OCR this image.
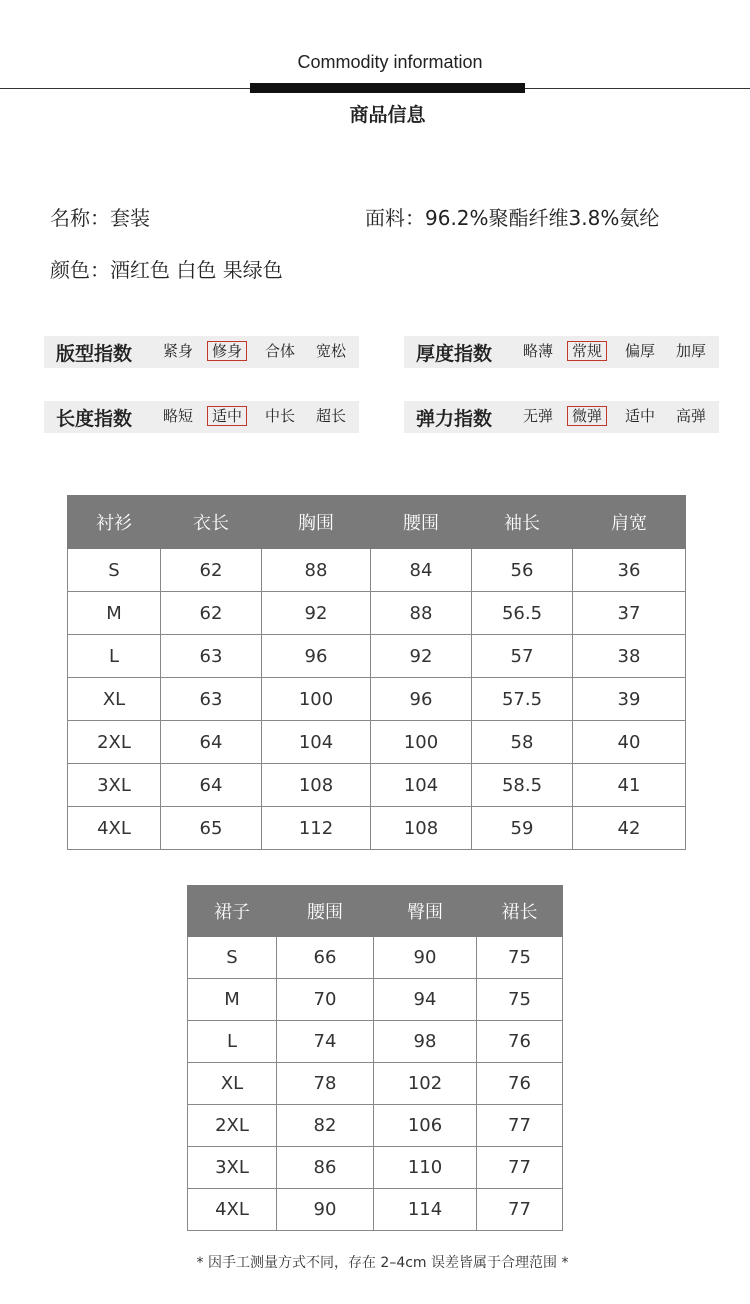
Commodity information
商品信息
名称：套装	面料：96.2%聚酯纤维3.8%氨纶
颜色：酒红色 白色 果绿色
版型指数	紧身	修身	合体	宽松	厚度指数	略薄	常规	偏厚	加厚
长度指数	略短	适中	中长	超长	弹力指数	无弹	微弹	适中	高弹
衬衫	衣长	胸围	腰围	袖长	肩宽
S	62	88	84	56	36
M	62	92	88	56.5	37
L	63	96	92	57	38
XL	63	100	96	57.5	39
2XL	64	104	100	58	40
3XL	64	108	104	58.5	41
4XL	65	112	108	59	42
裙子	腰围	臀围	裙长
S	66	90	75
M	70	94	75
L	74	98	76
XL	78	102	76
2XL	82	106	77
3XL	86	110	77
4XL	90	114	77
* 因手工测量方式不同，存在 2–4cm 误差皆属于合理范围 *
